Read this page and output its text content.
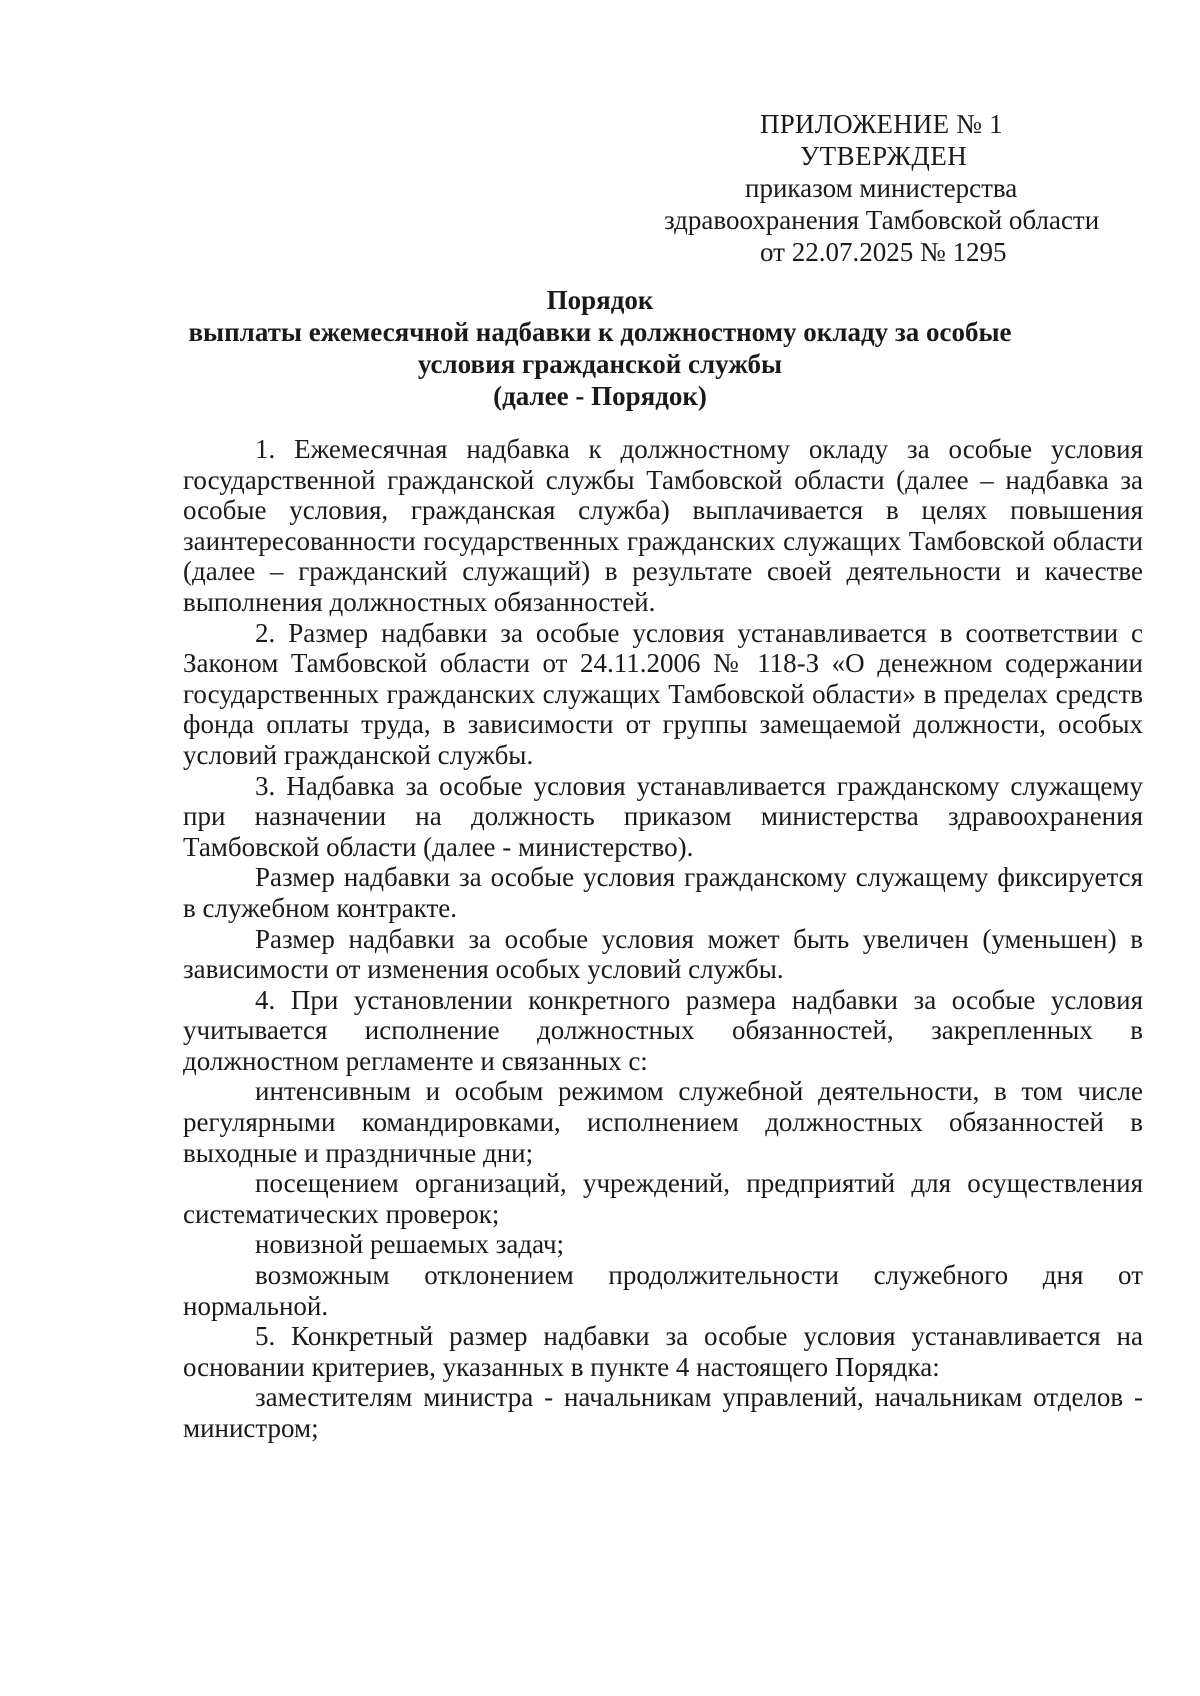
ПРИЛОЖЕНИЕ № 1
УТВЕРЖДЕН
приказом министерства
здравоохранения Тамбовской области
от 22.07.2025 № 1295
Порядок
выплаты ежемесячной надбавки к должностному окладу за особые
условия гражданской службы
(далее - Порядок)

1. Ежемесячная надбавка к должностному окладу за особые условия государственной гражданской службы Тамбовской области (далее – надбавка за особые условия, гражданская служба) выплачивается в целях повышения заинтересованности государственных гражданских служащих Тамбовской области (далее – гражданский служащий) в результате своей деятельности и качестве выполнения должностных обязанностей.

2. Размер надбавки за особые условия устанавливается в соответствии с Законом Тамбовской области от 24.11.2006 № 118-З «О денежном содержании государственных гражданских служащих Тамбовской области» в пределах средств фонда оплаты труда, в зависимости от группы замещаемой должности, особых условий гражданской службы.

3. Надбавка за особые условия устанавливается гражданскому служащему при назначении на должность приказом министерства здравоохранения Тамбовской области (далее - министерство).

Размер надбавки за особые условия гражданскому служащему фиксируется в служебном контракте.

Размер надбавки за особые условия может быть увеличен (уменьшен) в зависимости от изменения особых условий службы.

4. При установлении конкретного размера надбавки за особые условия учитывается исполнение должностных обязанностей, закрепленных в должностном регламенте и связанных с:

интенсивным и особым режимом служебной деятельности, в том числе регулярными командировками, исполнением должностных обязанностей в выходные и праздничные дни;

посещением организаций, учреждений, предприятий для осуществления систематических проверок;

новизной решаемых задач;

возможным отклонением продолжительности служебного дня от нормальной.

5. Конкретный размер надбавки за особые условия устанавливается на основании критериев, указанных в пункте 4 настоящего Порядка:

заместителям министра - начальникам управлений, начальникам отделов - министром;
